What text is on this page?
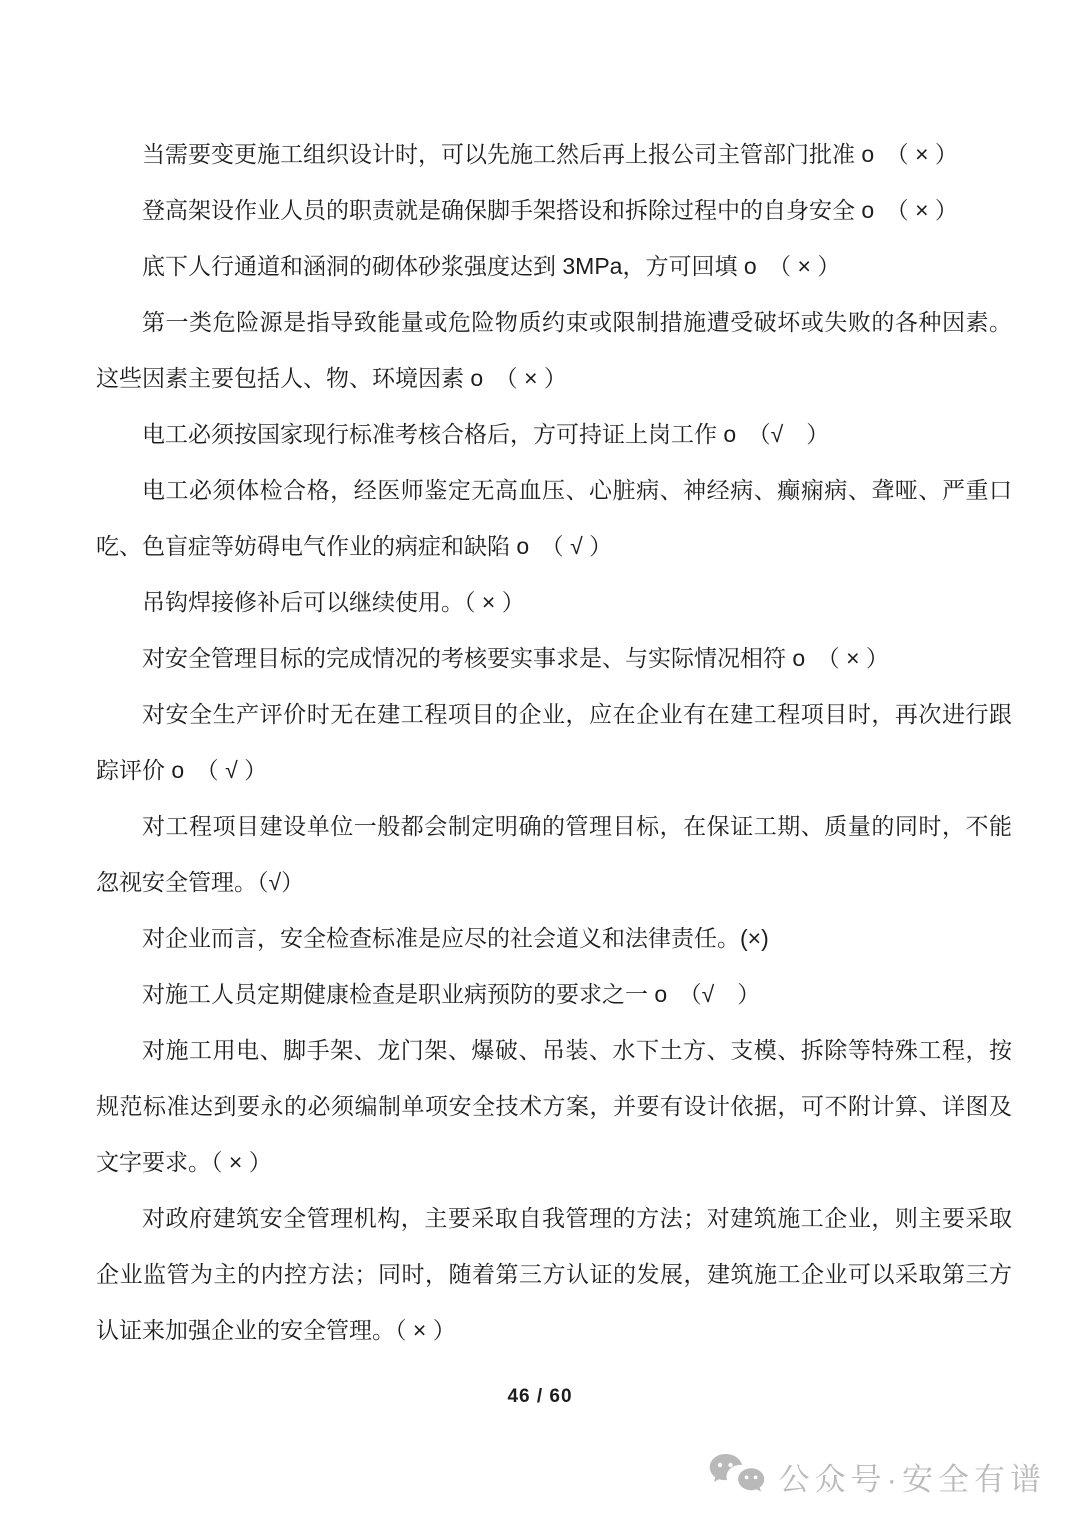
当需要变更施工组织设计时，可以先施工然后再上报公司主管部门批准 o　（ × ）

登高架设作业人员的职责就是确保脚手架搭设和拆除过程中的自身安全 o　（ × ）

底下人行通道和涵洞的砌体砂浆强度达到 3MPa，方可回填 o　（ × ）

第一类危险源是指导致能量或危险物质约束或限制措施遭受破坏或失败的各种因素。这些因素主要包括人、物、环境因素 o　（ × ）

电工必须按国家现行标准考核合格后，方可持证上岗工作 o　（√　）

电工必须体检合格，经医师鉴定无高血压、心脏病、神经病、癫痫病、聋哑、严重口吃、色盲症等妨碍电气作业的病症和缺陷 o　（ √ ）

吊钩焊接修补后可以继续使用。（ × ）

对安全管理目标的完成情况的考核要实事求是、与实际情况相符 o　（ × ）

对安全生产评价时无在建工程项目的企业，应在企业有在建工程项目时，再次进行跟踪评价 o　（ √ ）

对工程项目建设单位一般都会制定明确的管理目标，在保证工期、质量的同时，不能忽视安全管理。（√）

对企业而言，安全检查标准是应尽的社会道义和法律责任。(×)

对施工人员定期健康检查是职业病预防的要求之一 o　（√　）

对施工用电、脚手架、龙门架、爆破、吊装、水下土方、支模、拆除等特殊工程，按规范标准达到要永的必须编制单项安全技术方案，并要有设计依据，可不附计算、详图及文字要求。（ × ）

对政府建筑安全管理机构，主要采取自我管理的方法；对建筑施工企业，则主要采取企业监管为主的内控方法；同时，随着第三方认证的发展，建筑施工企业可以采取第三方认证来加强企业的安全管理。（ × ）

46 / 60
公众号·安全有谱
